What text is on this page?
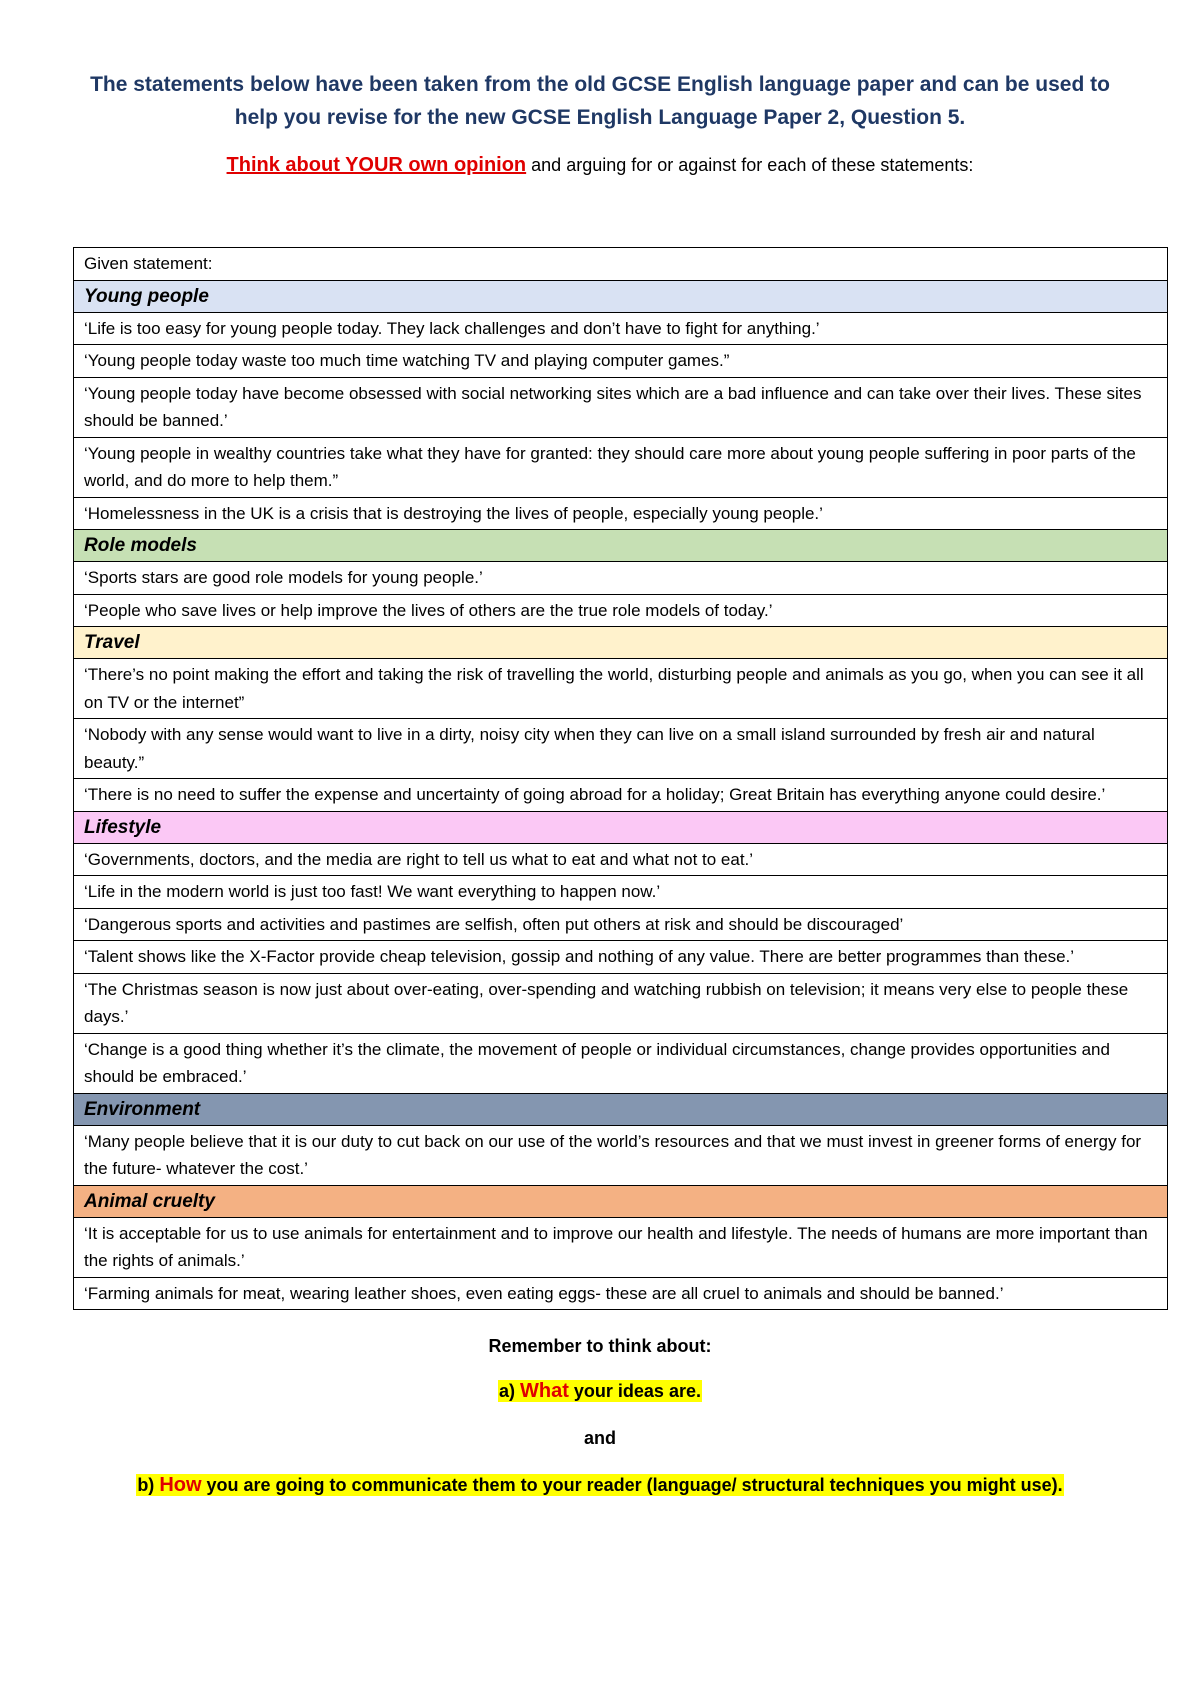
The statements below have been taken from the old GCSE English language paper and can be used to
help you revise for the new GCSE English Language Paper 2, Question 5.
Think about YOUR own opinion and arguing for or against for each of these statements:
Given statement:
Young people
‘Life is too easy for young people today. They lack challenges and don’t have to fight for anything.’
‘Young people today waste too much time watching TV and playing computer games.”
‘Young people today have become obsessed with social networking sites which are a bad influence and can take over their lives. These sites should be banned.’
‘Young people in wealthy countries take what they have for granted: they should care more about young people suffering in poor parts of the world, and do more to help them.”
‘Homelessness in the UK is a crisis that is destroying the lives of people, especially young people.’
Role models
‘Sports stars are good role models for young people.’
‘People who save lives or help improve the lives of others are the true role models of today.’
Travel
‘There’s no point making the effort and taking the risk of travelling the world, disturbing people and animals as you go, when you can see it all on TV or the internet”
‘Nobody with any sense would want to live in a dirty, noisy city when they can live on a small island surrounded by fresh air and natural beauty.”
‘There is no need to suffer the expense and uncertainty of going abroad for a holiday; Great Britain has everything anyone could desire.’
Lifestyle
‘Governments, doctors, and the media are right to tell us what to eat and what not to eat.’
‘Life in the modern world is just too fast! We want everything to happen now.’
‘Dangerous sports and activities and pastimes are selfish, often put others at risk and should be discouraged’
‘Talent shows like the X-Factor provide cheap television, gossip and nothing of any value. There are better programmes than these.’
‘The Christmas season is now just about over-eating, over-spending and watching rubbish on television; it means very else to people these days.’
‘Change is a good thing whether it’s the climate, the movement of people or individual circumstances, change provides opportunities and should be embraced.’
Environment
‘Many people believe that it is our duty to cut back on our use of the world’s resources and that we must invest in greener forms of energy for the future- whatever the cost.’
Animal cruelty
‘It is acceptable for us to use animals for entertainment and to improve our health and lifestyle. The needs of humans are more important than the rights of animals.’
‘Farming animals for meat, wearing leather shoes, even eating eggs- these are all cruel to animals and should be banned.’
Remember to think about:
a) What your ideas are.
and
b) How you are going to communicate them to your reader (language/ structural techniques you might use).
